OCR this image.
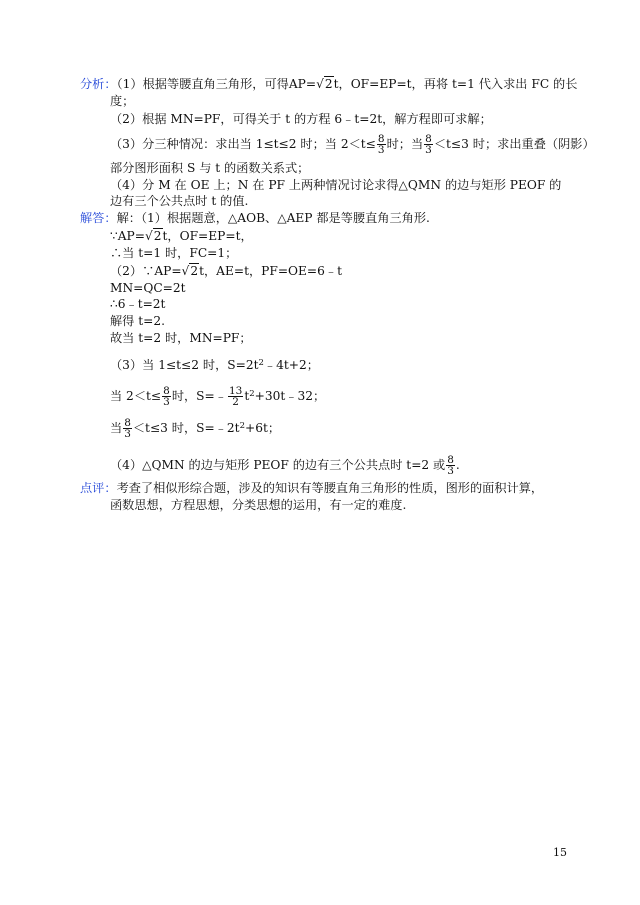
分析：（1）根据等腰直角三角形，可得AP=√2t，OF=EP=t，再将 t=1 代入求出 FC 的长
度；
（2）根据 MN=PF，可得关于 t 的方程 6﹣t=2t，解方程即可求解；
（3）分三种情况：求出当 1≤t≤2 时；当 $2<t\le \frac{8}{3}$ 时；当 $\frac{8}{3} <t\le 3$ 时；求出重叠（阴影）
部分图形面积 S 与 t 的函数关系式；
（4）分 M 在 OE 上；N 在 PF 上两种情况讨论求得△QMN 的边与矩形 PEOF 的
边有三个公共点时 t 的值.
解答：解：（1）根据题意，△AOB、△AEP 都是等腰直角三角形.
∵AP=√2t，OF=EP=t，
∴当 t=1 时，FC=1；
（2）∵AP=√2t，AE=t，PF=OE=6﹣t
MN=QC=2t
∴6﹣t=2t
解得 t=2.
故当 t=2 时，MN=PF；
（3）当 1≤t≤2 时，$S=2t^2﹣4t+2$；
当 $2<t\le \frac{8}{3}$ 时，S=﹣ $\frac{13}{2}$ $t^2+30t﹣32$；
当 $\frac{8}{3} <t\le 3$ 时，$S=﹣2t^2+6t$；
（4）△QMN 的边与矩形 PEOF 的边有三个公共点时 t=2 或 $\frac{8}{3}$ .
点评：考查了相似形综合题，涉及的知识有等腰直角三角形的性质，图形的面积计算，
函数思想，方程思想，分类思想的运用，有一定的难度.
15
